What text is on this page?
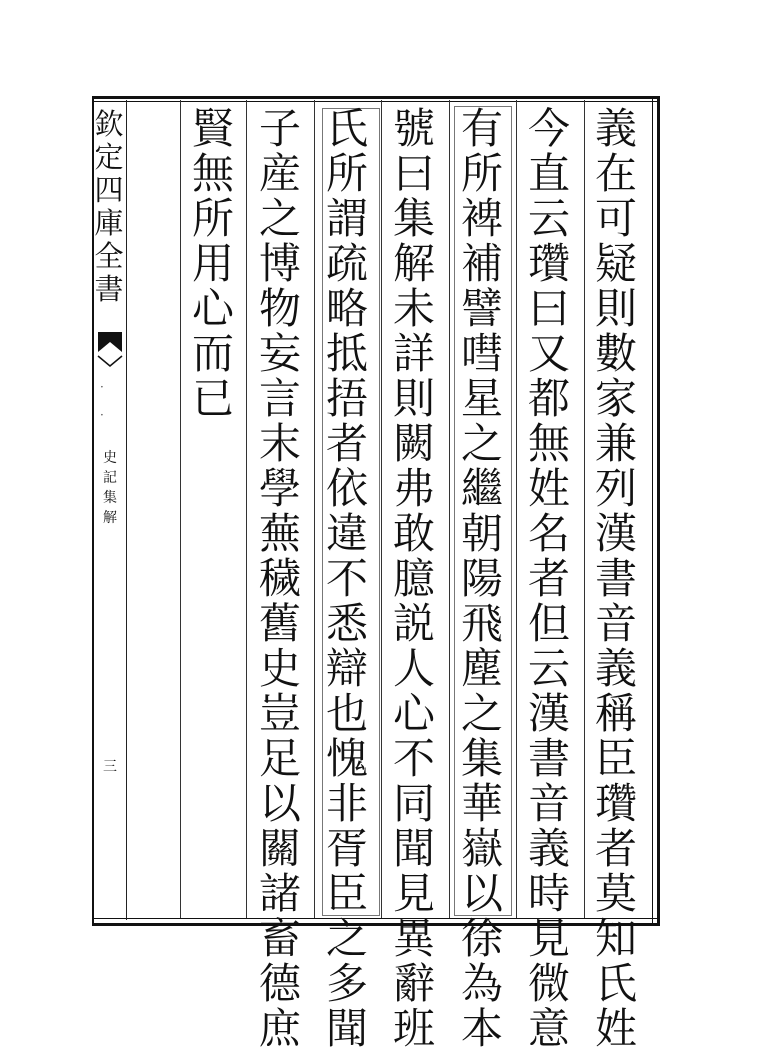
欽
定
四
庫
全
書
·

·
史
記
集
解
三
義
在
可
疑
則
數
家
兼
列
漢
書
音
義
稱
臣
瓚
者
莫
知
氏
姓
今
直
云
瓚
曰
又
都
無
姓
名
者
但
云
漢
書
音
義
時
見
微
意
有
所
裨
補
譬
嘒
星
之
繼
朝
陽
飛
塵
之
集
華
嶽
以
徐
為
本
號
曰
集
解
未
詳
則
闕
弗
敢
臆
説
人
心
不
同
聞
見
異
辭
班
氏
所
謂
疏
略
抵
捂
者
依
違
不
悉
辯
也
愧
非
胥
臣
之
多
聞
子
産
之
博
物
妄
言
末
學
蕪
穢
舊
史
豈
足
以
關
諸
畜
德
庶
賢
無
所
用
心
而
已
